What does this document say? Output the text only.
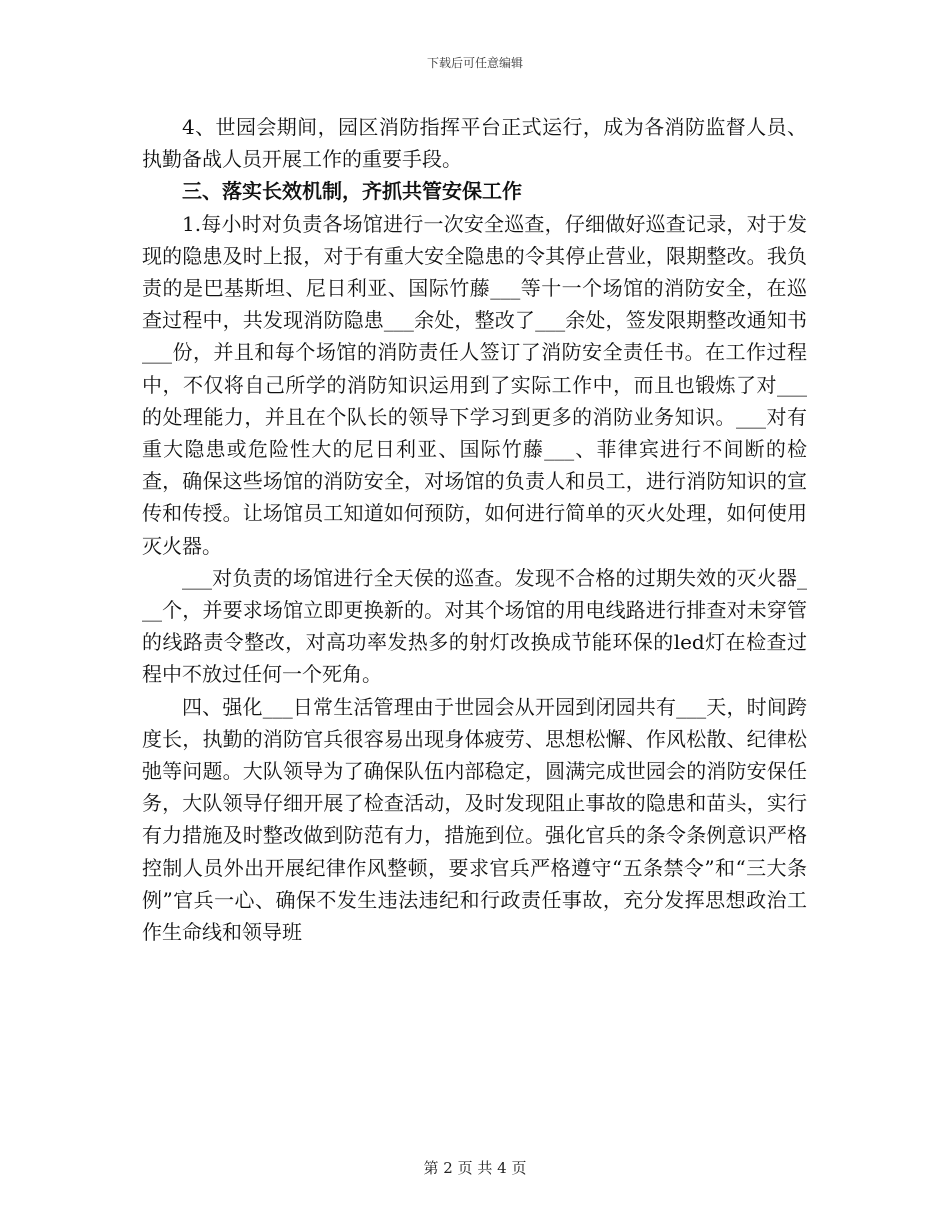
下载后可任意编辑

4、世园会期间，园区消防指挥平台正式运行，成为各消防监督人员、执勤备战人员开展工作的重要手段。

三、落实长效机制，齐抓共管安保工作

1.每小时对负责各场馆进行一次安全巡查，仔细做好巡查记录，对于发现的隐患及时上报，对于有重大安全隐患的令其停止营业，限期整改。我负责的是巴基斯坦、尼日利亚、国际竹藤___等十一个场馆的消防安全，在巡查过程中，共发现消防隐患___余处，整改了___余处，签发限期整改通知书___份，并且和每个场馆的消防责任人签订了消防安全责任书。在工作过程中，不仅将自己所学的消防知识运用到了实际工作中，而且也锻炼了对___的处理能力，并且在个队长的领导下学习到更多的消防业务知识。___对有重大隐患或危险性大的尼日利亚、国际竹藤___、菲律宾进行不间断的检查，确保这些场馆的消防安全，对场馆的负责人和员工，进行消防知识的宣传和传授。让场馆员工知道如何预防，如何进行简单的灭火处理，如何使用灭火器。

___对负责的场馆进行全天侯的巡查。发现不合格的过期失效的灭火器___个，并要求场馆立即更换新的。对其个场馆的用电线路进行排查对未穿管的线路责令整改，对高功率发热多的射灯改换成节能环保的led灯在检查过程中不放过任何一个死角。

四、强化___日常生活管理由于世园会从开园到闭园共有___天，时间跨度长，执勤的消防官兵很容易出现身体疲劳、思想松懈、作风松散、纪律松弛等问题。大队领导为了确保队伍内部稳定，圆满完成世园会的消防安保任务，大队领导仔细开展了检查活动，及时发现阻止事故的隐患和苗头，实行有力措施及时整改做到防范有力，措施到位。强化官兵的条令条例意识严格控制人员外出开展纪律作风整顿，要求官兵严格遵守“五条禁令”和“三大条例”官兵一心、确保不发生违法违纪和行政责任事故，充分发挥思想政治工作生命线和领导班

第 2 页 共 4 页
